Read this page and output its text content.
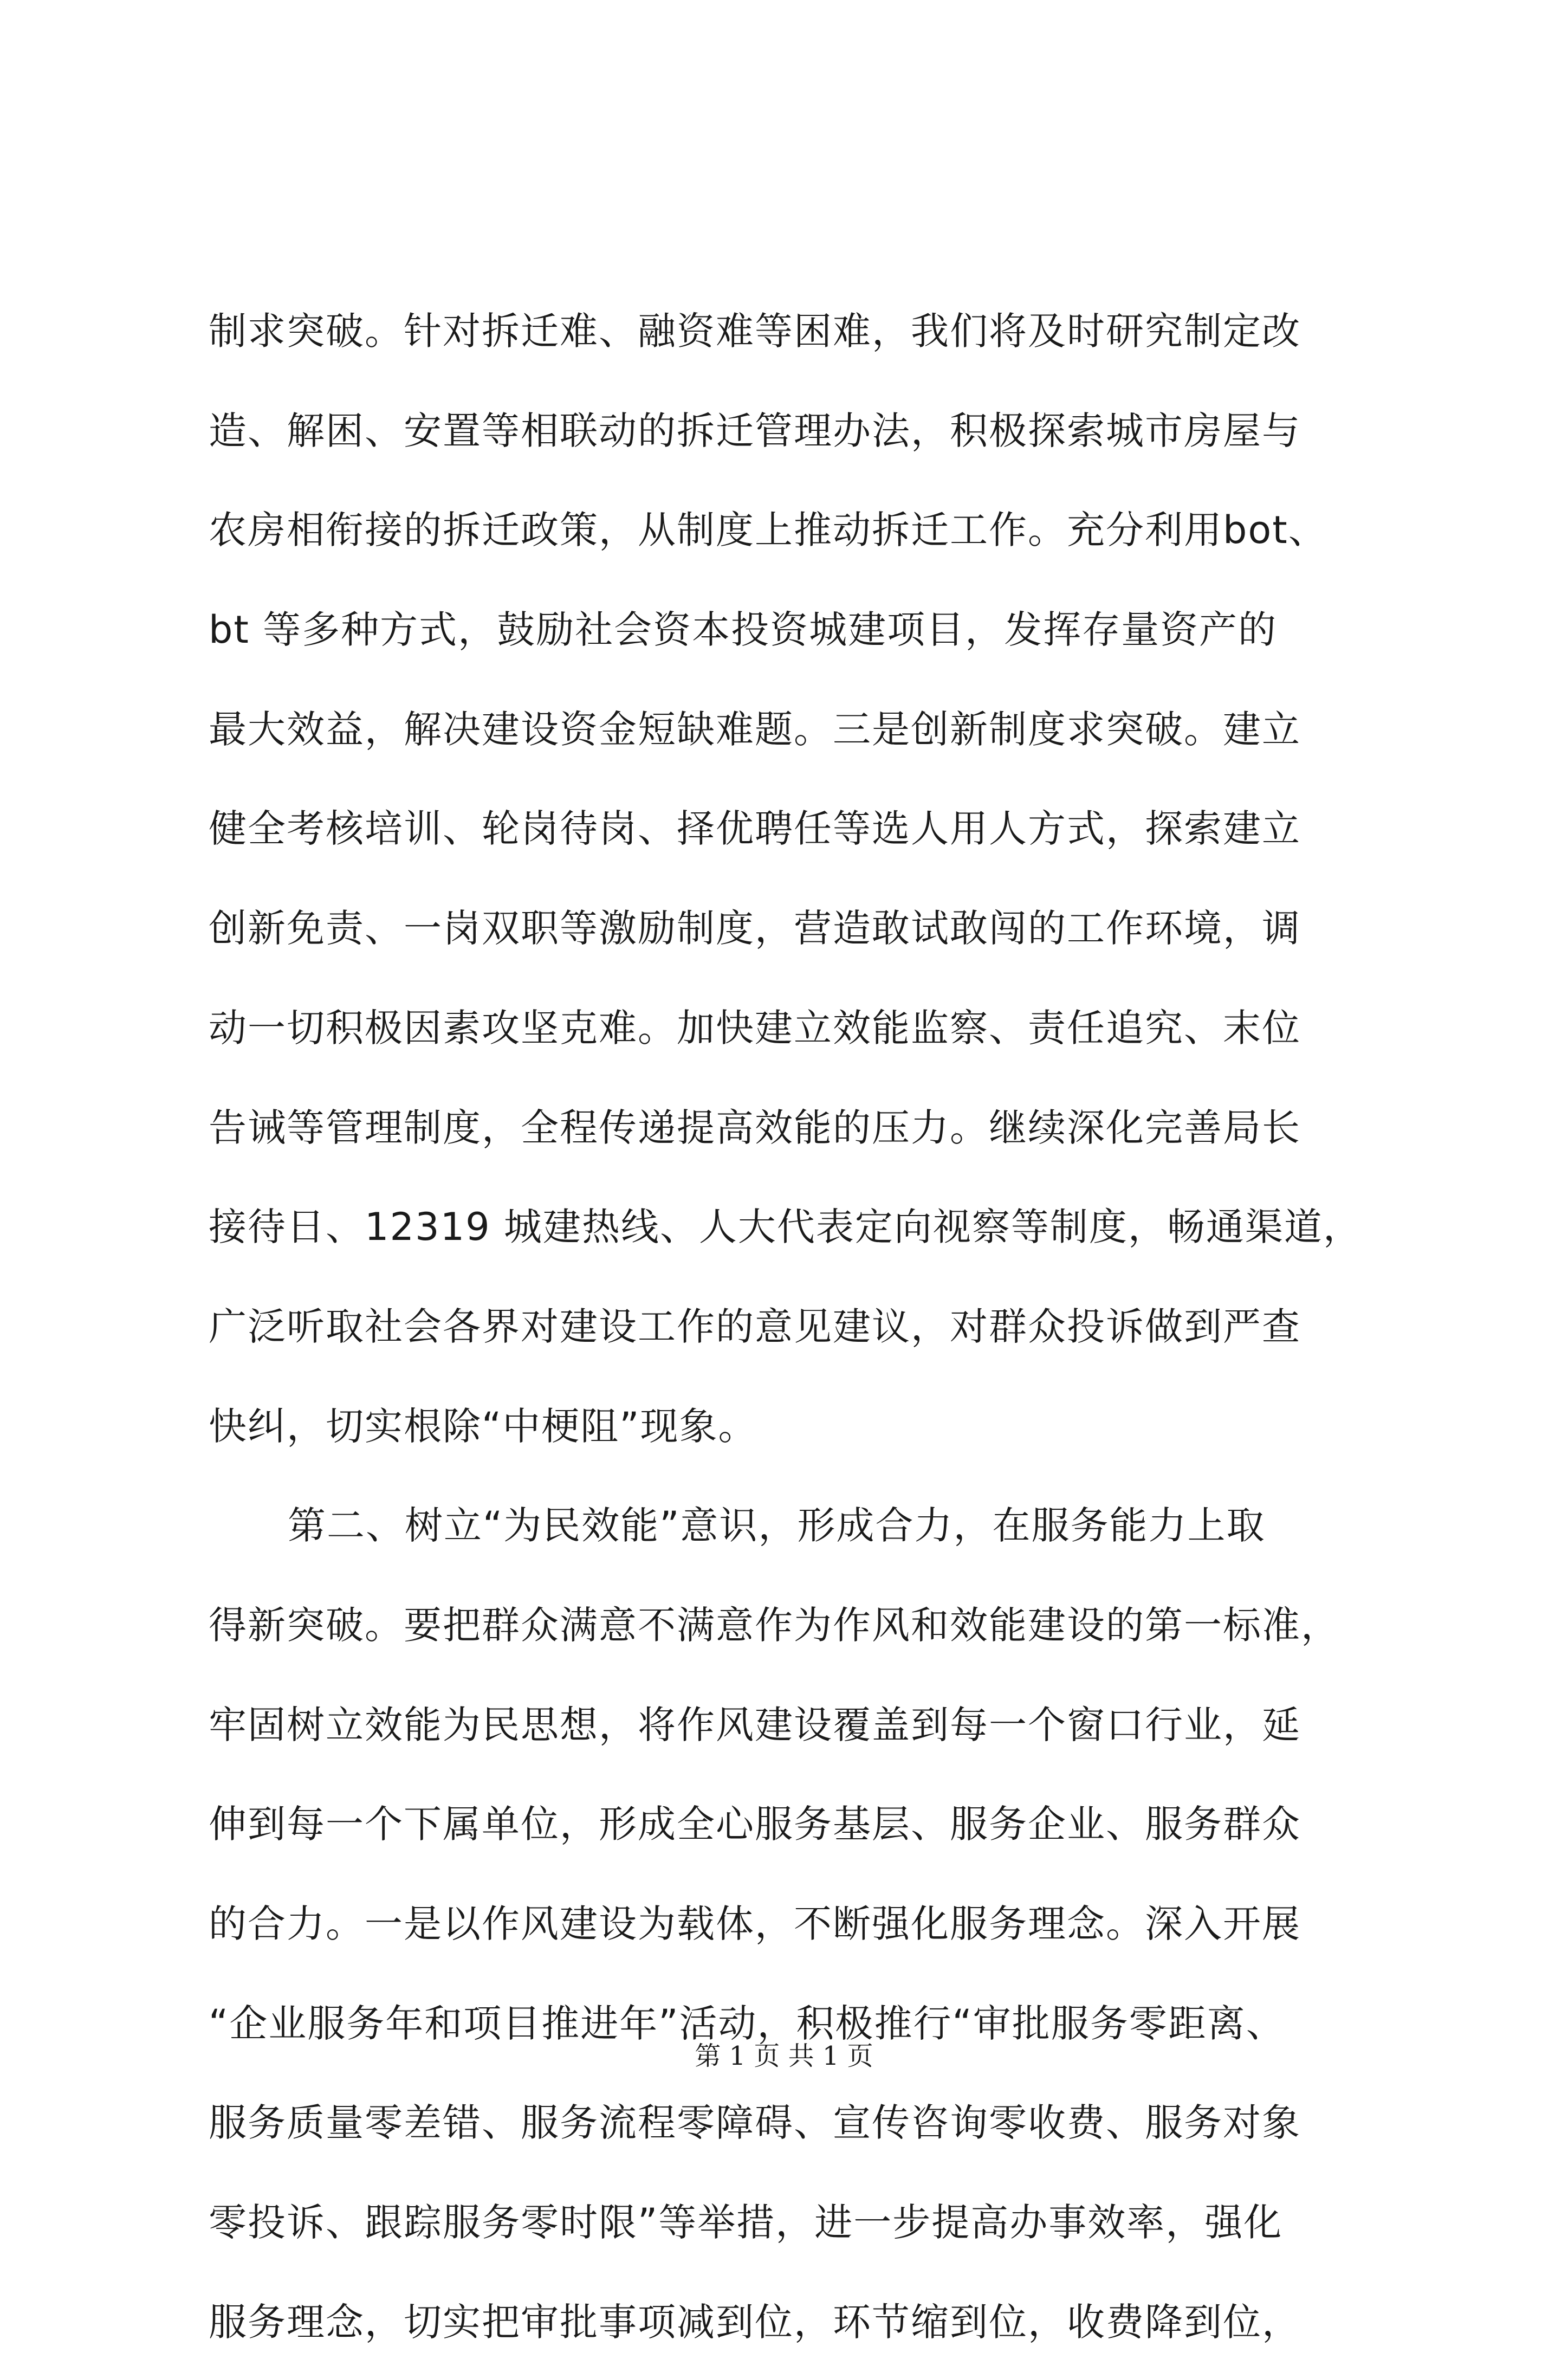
制求突破。针对拆迁难、融资难等困难，我们将及时研究制定改
造、解困、安置等相联动的拆迁管理办法，积极探索城市房屋与
农房相衔接的拆迁政策，从制度上推动拆迁工作。充分利用bot、
bt 等多种方式，鼓励社会资本投资城建项目，发挥存量资产的
最大效益，解决建设资金短缺难题。三是创新制度求突破。建立
健全考核培训、轮岗待岗、择优聘任等选人用人方式，探索建立
创新免责、一岗双职等激励制度，营造敢试敢闯的工作环境，调
动一切积极因素攻坚克难。加快建立效能监察、责任追究、末位
告诫等管理制度，全程传递提高效能的压力。继续深化完善局长
接待日、12319 城建热线、人大代表定向视察等制度，畅通渠道，
广泛听取社会各界对建设工作的意见建议，对群众投诉做到严查
快纠，切实根除“中梗阻”现象。
第二、树立“为民效能”意识，形成合力，在服务能力上取
得新突破。要把群众满意不满意作为作风和效能建设的第一标准，
牢固树立效能为民思想，将作风建设覆盖到每一个窗口行业，延
伸到每一个下属单位，形成全心服务基层、服务企业、服务群众
的合力。一是以作风建设为载体，不断强化服务理念。深入开展
“企业服务年和项目推进年”活动，积极推行“审批服务零距离、
服务质量零差错、服务流程零障碍、宣传咨询零收费、服务对象
零投诉、跟踪服务零时限”等举措，进一步提高办事效率，强化
服务理念，切实把审批事项减到位，环节缩到位，收费降到位，
第 1 页 共 1 页
